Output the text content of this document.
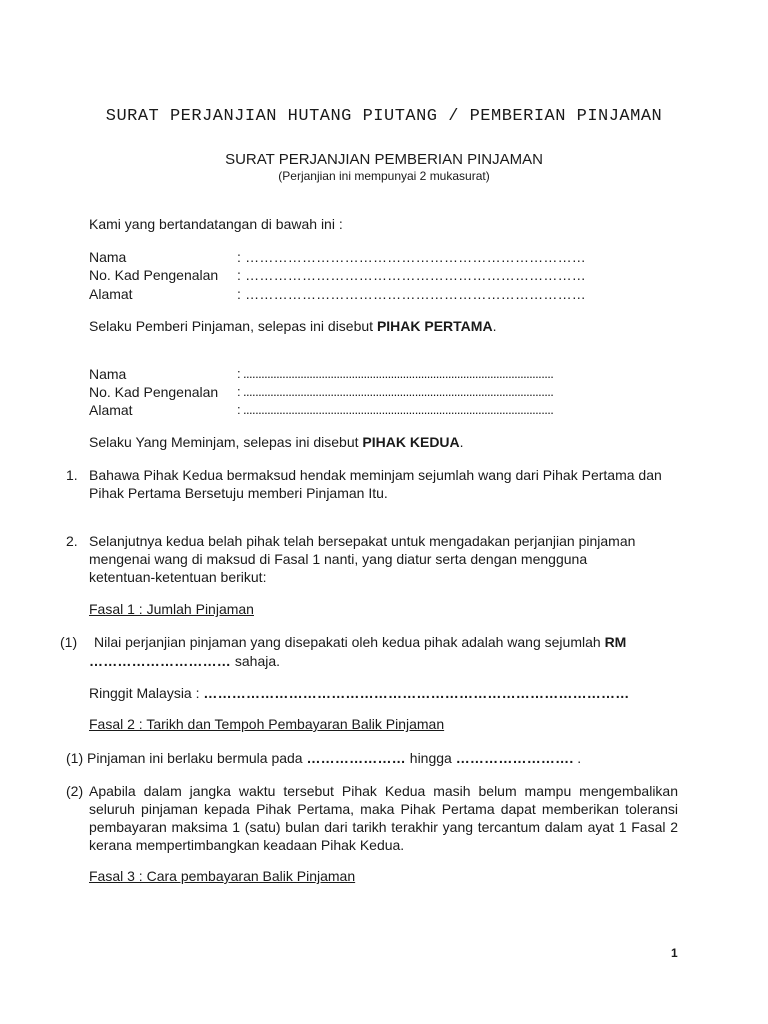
SURAT PERJANJIAN HUTANG PIUTANG / PEMBERIAN PINJAMAN
SURAT PERJANJIAN PEMBERIAN PINJAMAN
(Perjanjian ini mempunyai 2 mukasurat)
Kami yang bertandatangan di bawah ini :
Nama	: ………………………………………………………………
No. Kad Pengenalan : ………………………………………………………………
Alamat	: ………………………………………………………………
Selaku Pemberi Pinjaman, selepas ini disebut PIHAK PERTAMA.
Nama	: .......................................................................................................
No. Kad Pengenalan : .......................................................................................................
Alamat	: .......................................................................................................
Selaku Yang Meminjam, selepas ini disebut PIHAK KEDUA.
1. Bahawa Pihak Kedua bermaksud hendak meminjam sejumlah wang dari Pihak Pertama dan Pihak Pertama Bersetuju memberi Pinjaman Itu.
2. Selanjutnya kedua belah pihak telah bersepakat untuk mengadakan perjanjian pinjaman mengenai wang di maksud di Fasal 1 nanti, yang diatur serta dengan mengguna ketentuan-ketentuan berikut:
Fasal 1 : Jumlah Pinjaman
(1) Nilai perjanjian pinjaman yang disepakati oleh kedua pihak adalah wang sejumlah RM
………………………… sahaja.
Ringgit Malaysia : ………………………………………………………………………………
Fasal 2 : Tarikh dan Tempoh Pembayaran Balik Pinjaman
(1) Pinjaman ini berlaku bermula pada ………………… hingga ……………………. .
(2) Apabila dalam jangka waktu tersebut Pihak Kedua masih belum mampu mengembalikan seluruh pinjaman kepada Pihak Pertama, maka Pihak Pertama dapat memberikan toleransi pembayaran maksima 1 (satu) bulan dari tarikh terakhir yang tercantum dalam ayat 1 Fasal 2 kerana mempertimbangkan keadaan Pihak Kedua.
Fasal 3 : Cara pembayaran Balik Pinjaman
1
